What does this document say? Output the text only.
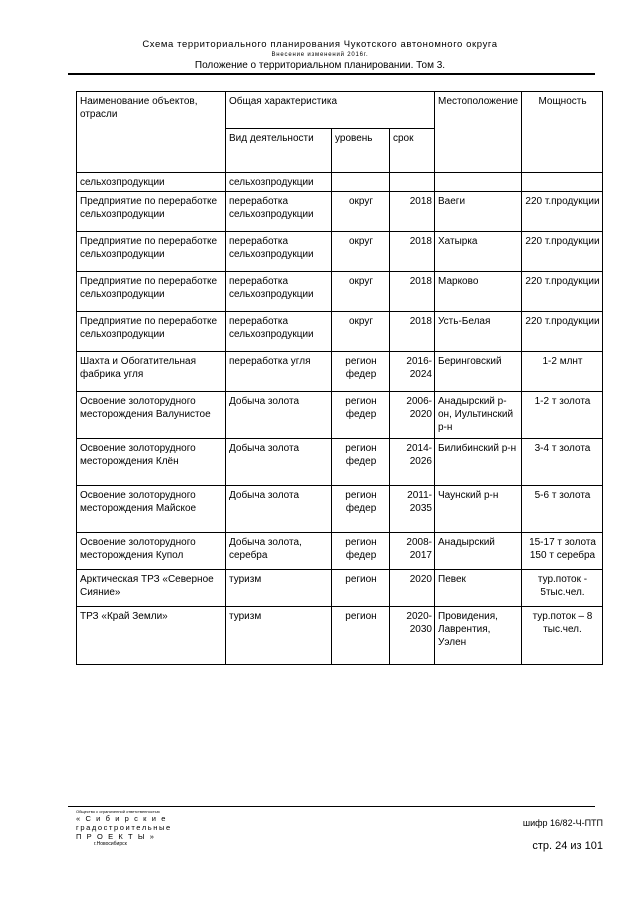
Схема территориального планирования Чукотского автономного округа
Внесение изменений 2016г.
Положение о территориальном планировании. Том 3.
Наименование объектов, отрасли	Общая характеристика			Местоположение	Мощность
	Вид деятельности	уровень	срок		
сельхозпродукции	сельхозпродукции				
Предприятие по переработке сельхозпродукции	переработка сельхозпродукции	округ	2018	Ваеги	220 т.продукции
Предприятие по переработке сельхозпродукции	переработка сельхозпродукции	округ	2018	Хатырка	220 т.продукции
Предприятие по переработке сельхозпродукции	переработка сельхозпродукции	округ	2018	Марково	220 т.продукции
Предприятие по переработке сельхозпродукции	переработка сельхозпродукции	округ	2018	Усть-Белая	220 т.продукции
Шахта и Обогатительная фабрика угля	переработка угля	регион федер	2016-2024	Беринговский	1-2 млнт
Освоение золоторудного месторождения Валунистое	Добыча золота	регион федер	2006-2020	Анадырский р-он, Иультинский р-н	1-2 т золота
Освоение золоторудного месторождения Клён	Добыча золота	регион федер	2014-2026	Билибинский р-н	3-4 т золота
Освоение золоторудного месторождения Майское	Добыча золота	регион федер	2011-2035	Чаунский р-н	5-6 т золота
Освоение золоторудного месторождения Купол	Добыча золота, серебра	регион федер	2008-2017	Анадырский	15-17 т золота 150 т серебра
Арктическая ТРЗ «Северное Сияние»	туризм	регион	2020	Певек	тур.поток - 5тыс.чел.
ТРЗ «Край Земли»	туризм	регион	2020-2030	Провидения, Лаврентия, Уэлен	тур.поток – 8 тыс.чел.
Общество с ограниченной ответственностью
« С и б и р с к и е
градостроительные
П Р О Е К Т Ы »
г.Новосибирск
шифр 16/82-Ч-ПТП
стр. 24 из 101
